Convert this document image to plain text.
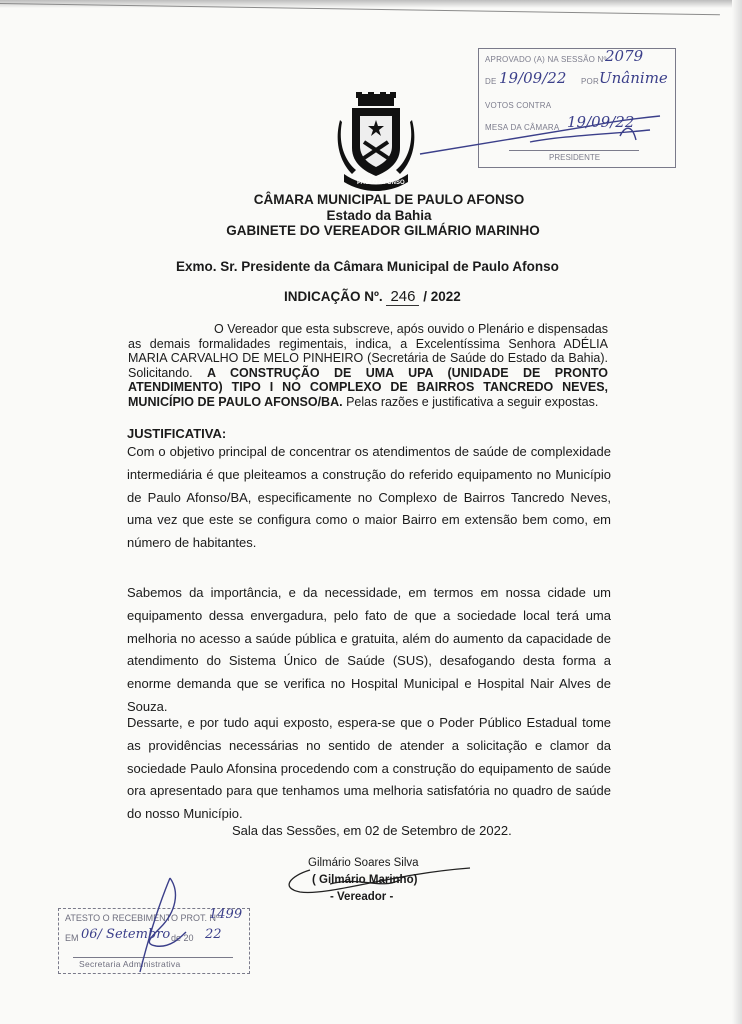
APROVADO (A) NA SESSÃO Nº
2079
DE 19/09/22 POR Unânime
VOTOS CONTRA
MESA DA CÂMARA 19/09/22
PRESIDENTE
PAULO AFONSO
CÂMARA MUNICIPAL DE PAULO AFONSO
Estado da Bahia
GABINETE DO VEREADOR GILMÁRIO MARINHO
Exmo. Sr. Presidente da Câmara Municipal de Paulo Afonso
INDICAÇÃO Nº. 246 / 2022
O Vereador que esta subscreve, após ouvido o Plenário e dispensadas as demais formalidades regimentais, indica, a Excelentíssima Senhora ADÉLIA MARIA CARVALHO DE MELO PINHEIRO (Secretária de Saúde do Estado da Bahia). Solicitando. A CONSTRUÇÃO DE UMA UPA (UNIDADE DE PRONTO ATENDIMENTO) TIPO I NO COMPLEXO DE BAIRROS TANCREDO NEVES, MUNICÍPIO DE PAULO AFONSO/BA. Pelas razões e justificativa a seguir expostas.
JUSTIFICATIVA:
Com o objetivo principal de concentrar os atendimentos de saúde de complexidade intermediária é que pleiteamos a construção do referido equipamento no Município de Paulo Afonso/BA, especificamente no Complexo de Bairros Tancredo Neves, uma vez que este se configura como o maior Bairro em extensão bem como, em número de habitantes.
Sabemos da importância, e da necessidade, em termos em nossa cidade um equipamento dessa envergadura, pelo fato de que a sociedade local terá uma melhoria no acesso a saúde pública e gratuita, além do aumento da capacidade de atendimento do Sistema Único de Saúde (SUS), desafogando desta forma a enorme demanda que se verifica no Hospital Municipal e Hospital Nair Alves de Souza.
Dessarte, e por tudo aqui exposto, espera-se que o Poder Público Estadual tome as providências necessárias no sentido de atender a solicitação e clamor da sociedade Paulo Afonsina procedendo com a construção do equipamento de saúde ora apresentado para que tenhamos uma melhoria satisfatória no quadro de saúde do nosso Município.
Sala das Sessões, em 02 de Setembro de 2022.
Gilmário Soares Silva
( Gilmário Marinho)
- Vereador -
ATESTO O RECEBIMENTO PROT. Nº
1499
EM 06/ Setembro de 20 22
Secretaria Administrativa
